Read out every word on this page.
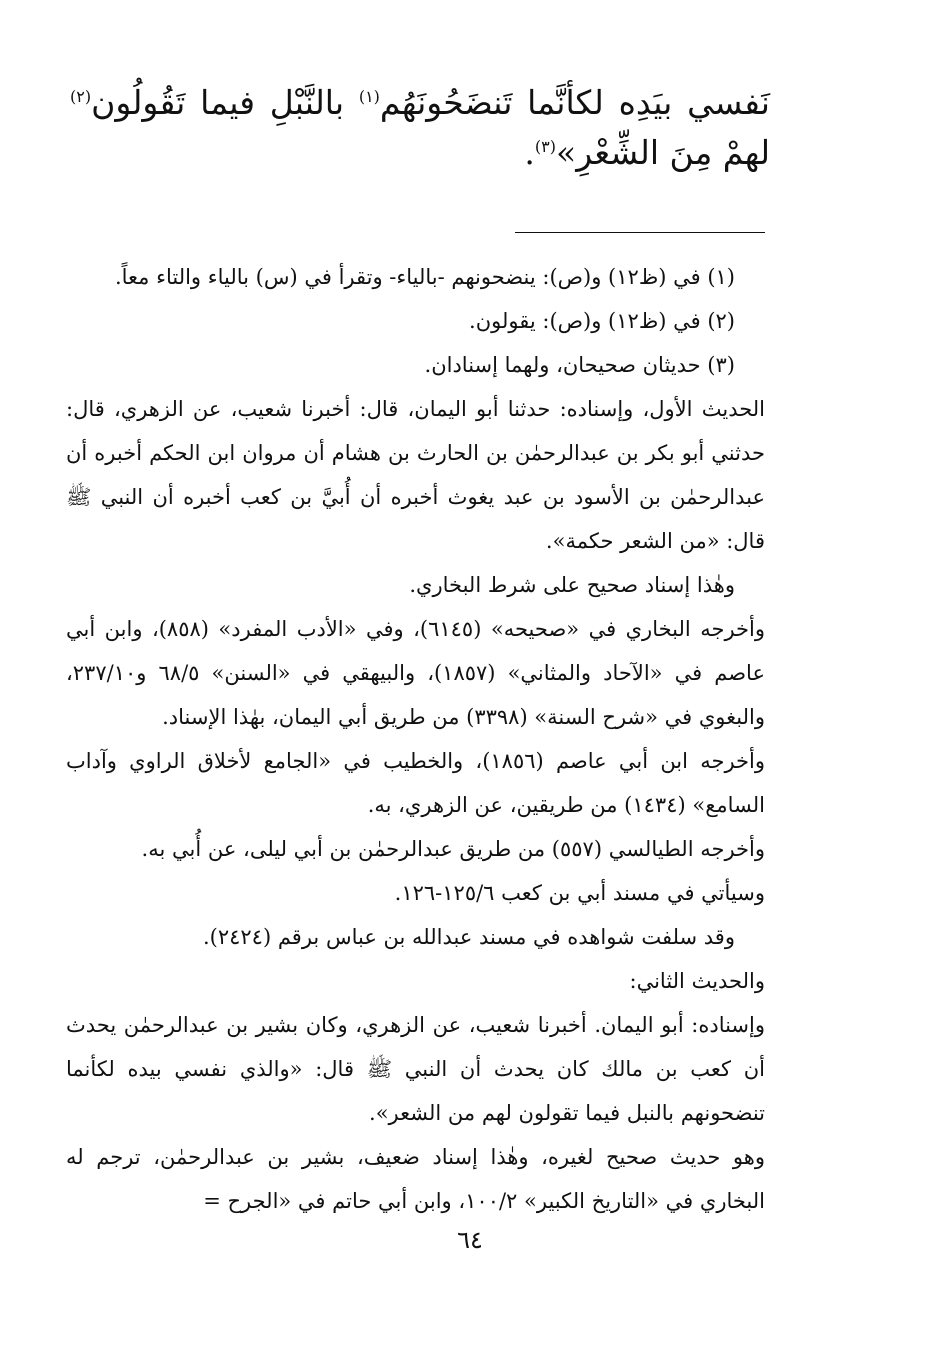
نَفسي بيَدِه لكأنَّما تَنضَحُونَهُم$^{(١)}$ بالنَّبْلِ فيما تَقُولُون$^{(٢)}$ لهمْ مِنَ الشِّعْرِ»$^{(٣)}$.

(١) في (ظ١٢) و(ص): ينضحونهم -بالياء- وتقرأ في (س) بالياء والتاء معاً.

(٢) في (ظ١٢) و(ص): يقولون.

(٣) حديثان صحيحان، ولهما إسنادان.

الحديث الأول، وإسناده: حدثنا أبو اليمان، قال: أخبرنا شعيب، عن الزهري، قال: حدثني أبو بكر بن عبدالرحمٰن بن الحارث بن هشام أن مروان ابن الحكم أخبره أن عبدالرحمٰن بن الأسود بن عبد يغوث أخبره أن أُبيَّ بن كعب أخبره أن النبي ﷺ قال: «من الشعر حكمة».

وهٰذا إسناد صحيح على شرط البخاري.

وأخرجه البخاري في «صحيحه» (٦١٤٥)، وفي «الأدب المفرد» (٨٥٨)، وابن أبي عاصم في «الآحاد والمثاني» (١٨٥٧)، والبيهقي في «السنن» ٦٨/٥ و٢٣٧/١٠، والبغوي في «شرح السنة» (٣٣٩٨) من طريق أبي اليمان، بهٰذا الإسناد.

وأخرجه ابن أبي عاصم (١٨٥٦)، والخطيب في «الجامع لأخلاق الراوي وآداب السامع» (١٤٣٤) من طريقين، عن الزهري، به.

وأخرجه الطيالسي (٥٥٧) من طريق عبدالرحمٰن بن أبي ليلى، عن أُبي به.

وسيأتي في مسند أبي بن كعب ١٢٥/٦-١٢٦.

وقد سلفت شواهده في مسند عبدالله بن عباس برقم (٢٤٢٤).

والحديث الثاني:

وإسناده: أبو اليمان. أخبرنا شعيب، عن الزهري، وكان بشير بن عبدالرحمٰن يحدث أن كعب بن مالك كان يحدث أن النبي ﷺ قال: «والذي نفسي بيده لكأنما تنضحونهم بالنبل فيما تقولون لهم من الشعر».

وهو حديث صحيح لغيره، وهٰذا إسناد ضعيف، بشير بن عبدالرحمٰن، ترجم له البخاري في «التاريخ الكبير» ١٠٠/٢، وابن أبي حاتم في «الجرح =

٦٤
